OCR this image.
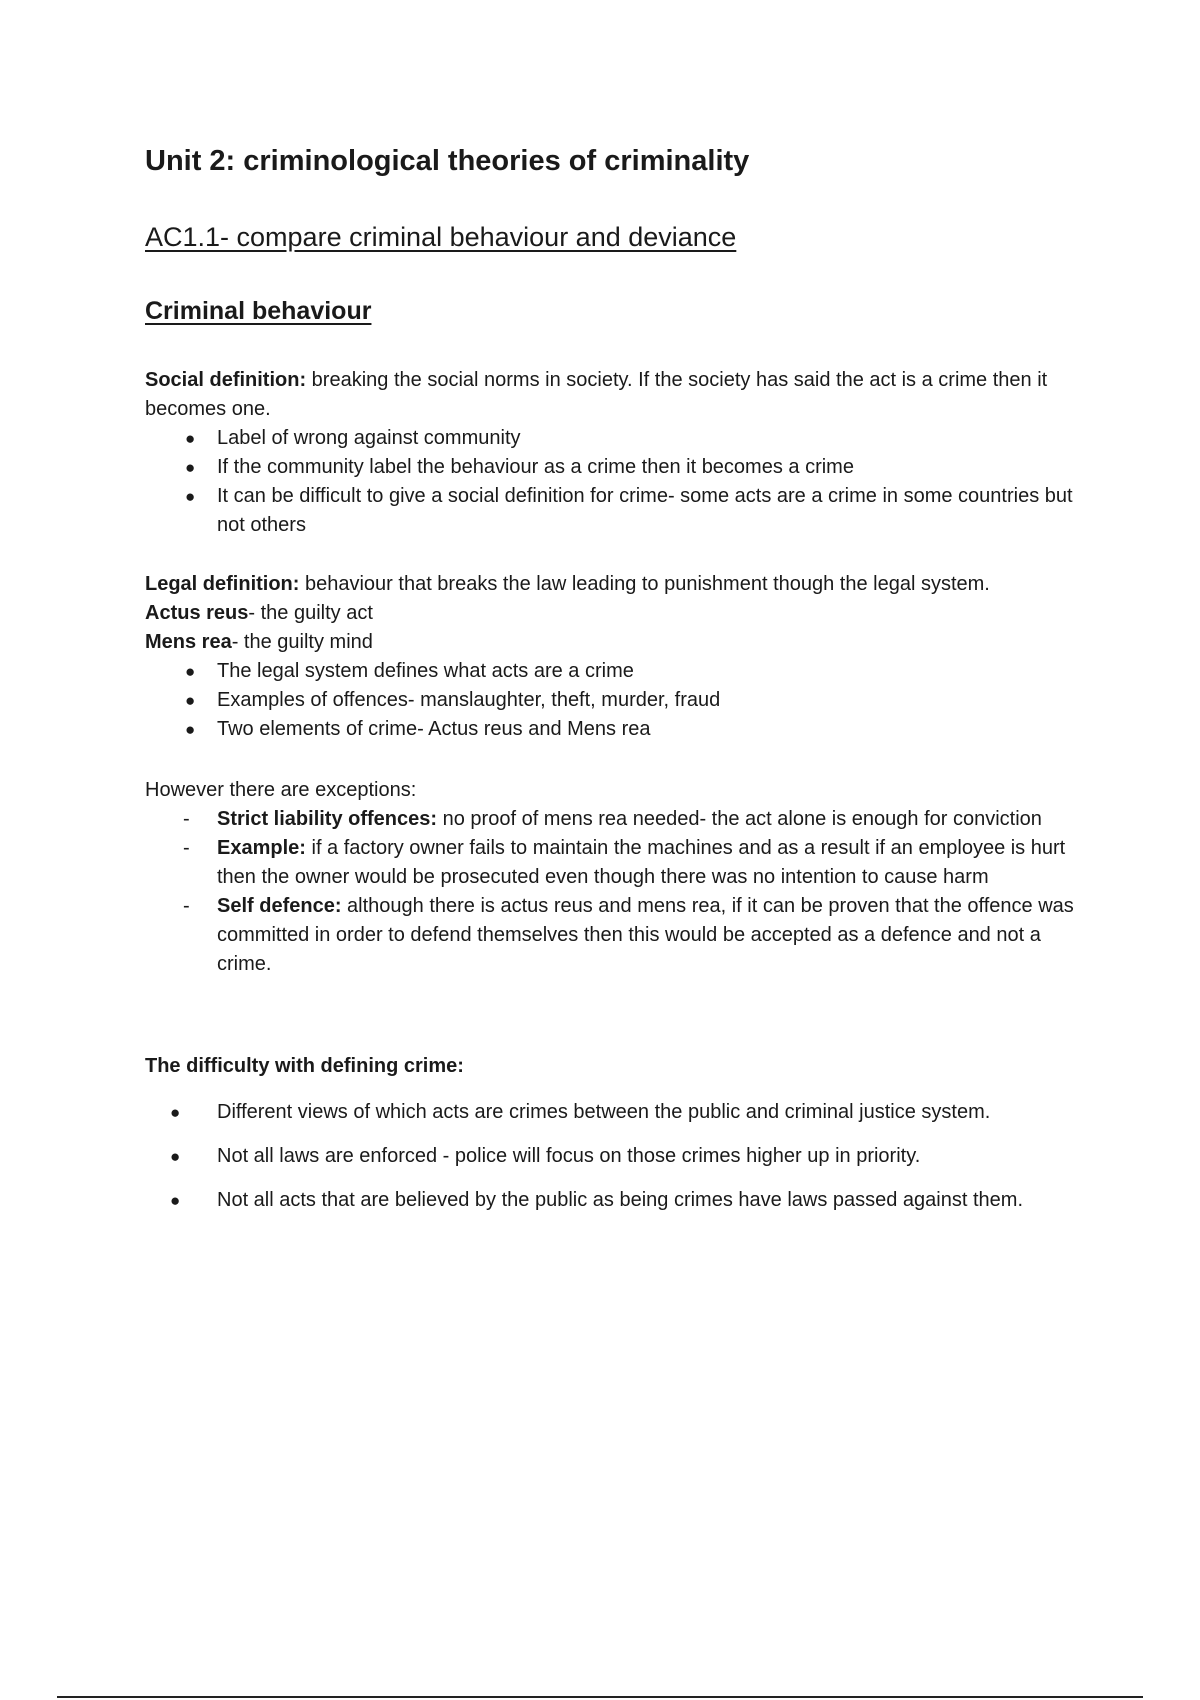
Unit 2: criminological theories of criminality
AC1.1- compare criminal behaviour and deviance
Criminal behaviour

Social definition: breaking the social norms in society. If the society has said the act is a crime then it becomes one.

● Label of wrong against community
● If the community label the behaviour as a crime then it becomes a crime
● It can be difficult to give a social definition for crime- some acts are a crime in some countries but not others

Legal definition: behaviour that breaks the law leading to punishment though the legal system.

Actus reus- the guilty act

Mens rea- the guilty mind

● The legal system defines what acts are a crime
● Examples of offences- manslaughter, theft, murder, fraud
● Two elements of crime- Actus reus and Mens rea

However there are exceptions:

- Strict liability offences: no proof of mens rea needed- the act alone is enough for conviction
- Example: if a factory owner fails to maintain the machines and as a result if an employee is hurt then the owner would be prosecuted even though there was no intention to cause harm
- Self defence: although there is actus reus and mens rea, if it can be proven that the offence was committed in order to defend themselves then this would be accepted as a defence and not a crime.

The difficulty with defining crime:

● Different views of which acts are crimes between the public and criminal justice system.
● Not all laws are enforced - police will focus on those crimes higher up in priority.
● Not all acts that are believed by the public as being crimes have laws passed against them.
